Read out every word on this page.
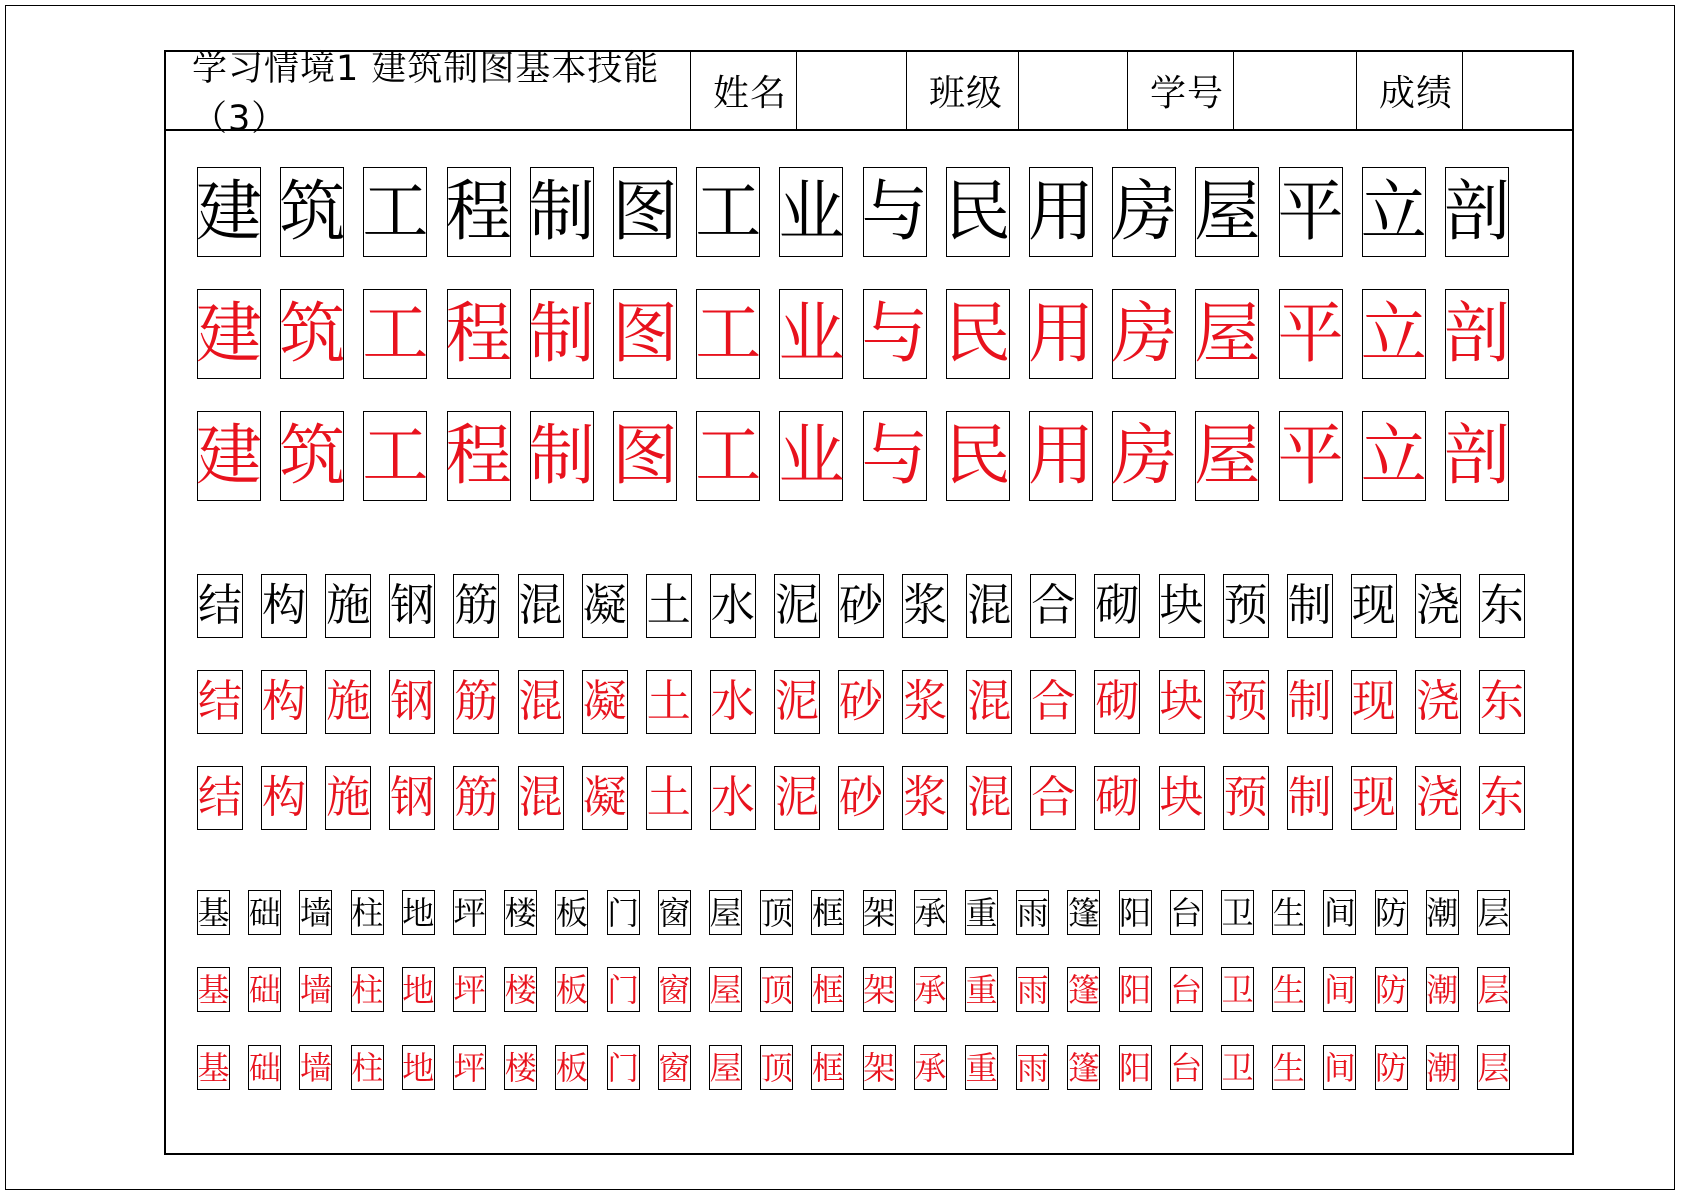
学习情境1 建筑制图基本技能（3）
姓名	班级	学号	成绩
建 筑 工 程 制 图 工 业 与 民 用 房 屋 平 立 剖
建 筑 工 程 制 图 工 业 与 民 用 房 屋 平 立 剖
建 筑 工 程 制 图 工 业 与 民 用 房 屋 平 立 剖
结 构 施 钢 筋 混 凝 土 水 泥 砂 浆 混 合 砌 块 预 制 现 浇 东
结 构 施 钢 筋 混 凝 土 水 泥 砂 浆 混 合 砌 块 预 制 现 浇 东
结 构 施 钢 筋 混 凝 土 水 泥 砂 浆 混 合 砌 块 预 制 现 浇 东
基 础 墙 柱 地 坪 楼 板 门 窗 屋 顶 框 架 承 重 雨 篷 阳 台 卫 生 间 防 潮 层
基 础 墙 柱 地 坪 楼 板 门 窗 屋 顶 框 架 承 重 雨 篷 阳 台 卫 生 间 防 潮 层
基 础 墙 柱 地 坪 楼 板 门 窗 屋 顶 框 架 承 重 雨 篷 阳 台 卫 生 间 防 潮 层
